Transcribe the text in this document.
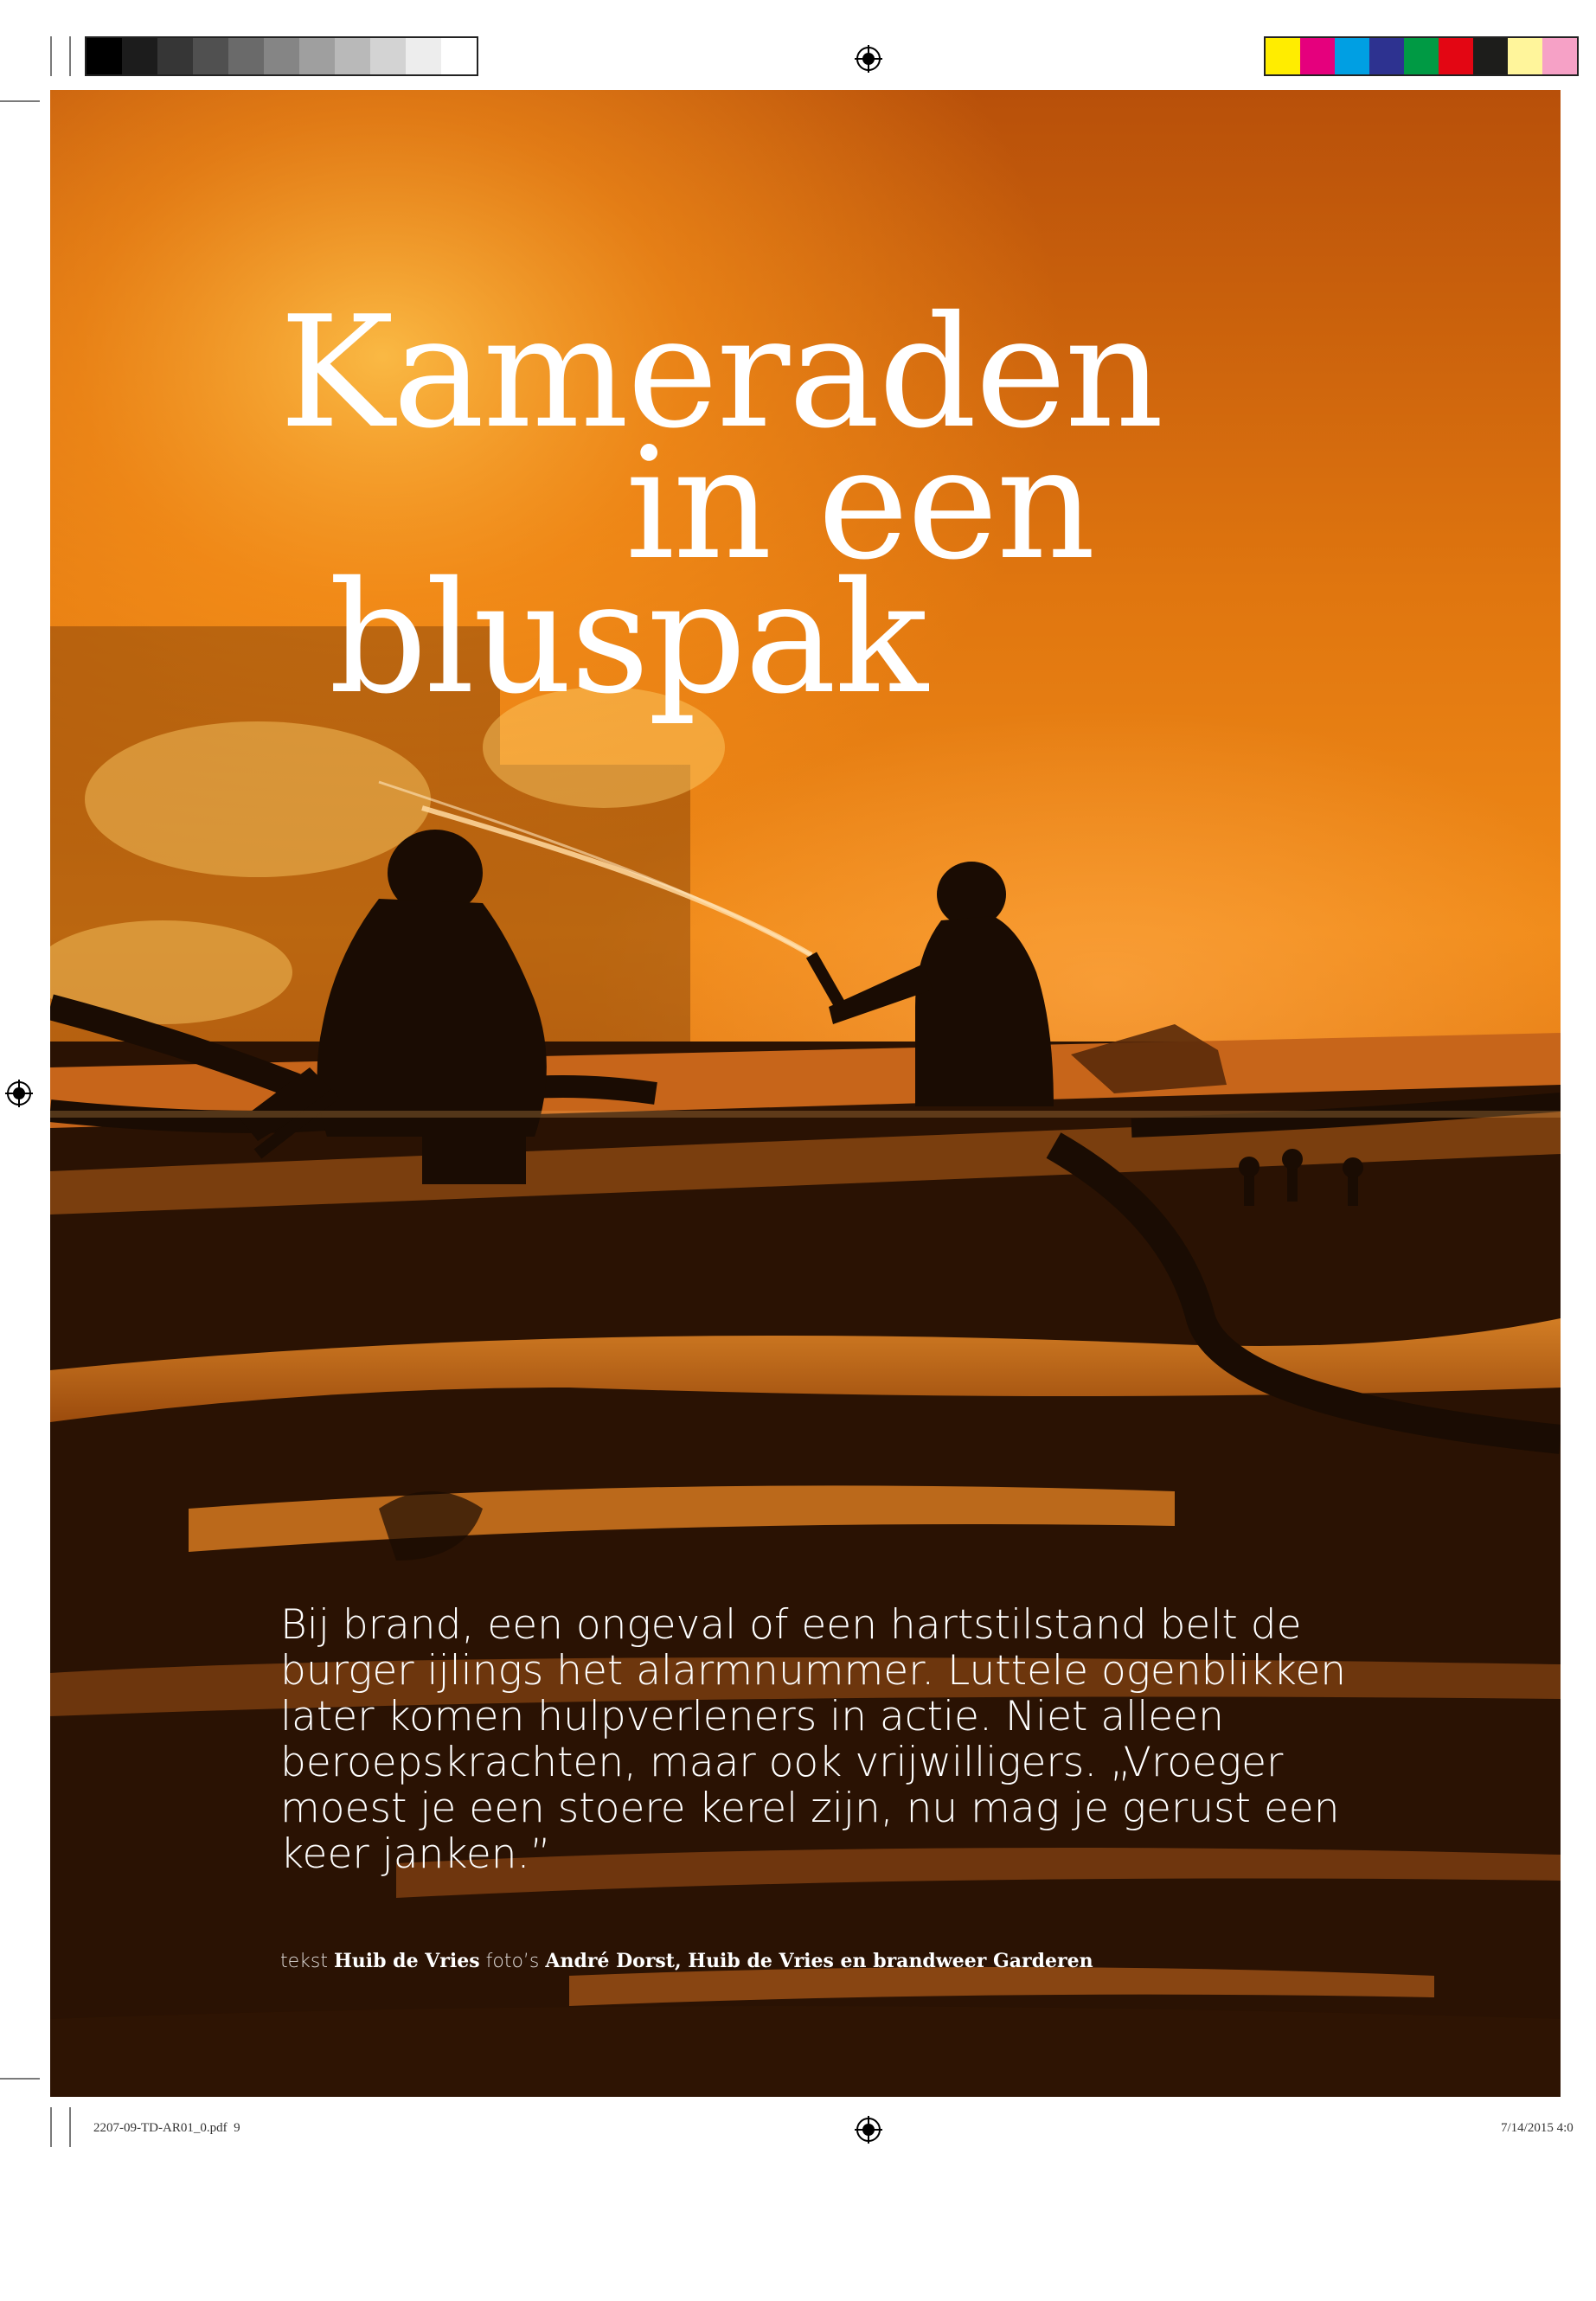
2207-09-TD-AR01_0.pdf 9	7/14/2015 4:0
Kameraden
in een
bluspak

Bij brand, een ongeval of een hartstilstand belt de burger ijlings het alarmnummer. Luttele ogenblikken later komen hulpverleners in actie. Niet alleen beroepskrachten, maar ook vrijwilligers. „Vroeger moest je een stoere kerel zijn, nu mag je gerust een keer janken.”

tekst Huib de Vries foto’s André Dorst, Huib de Vries en brandweer Garderen
